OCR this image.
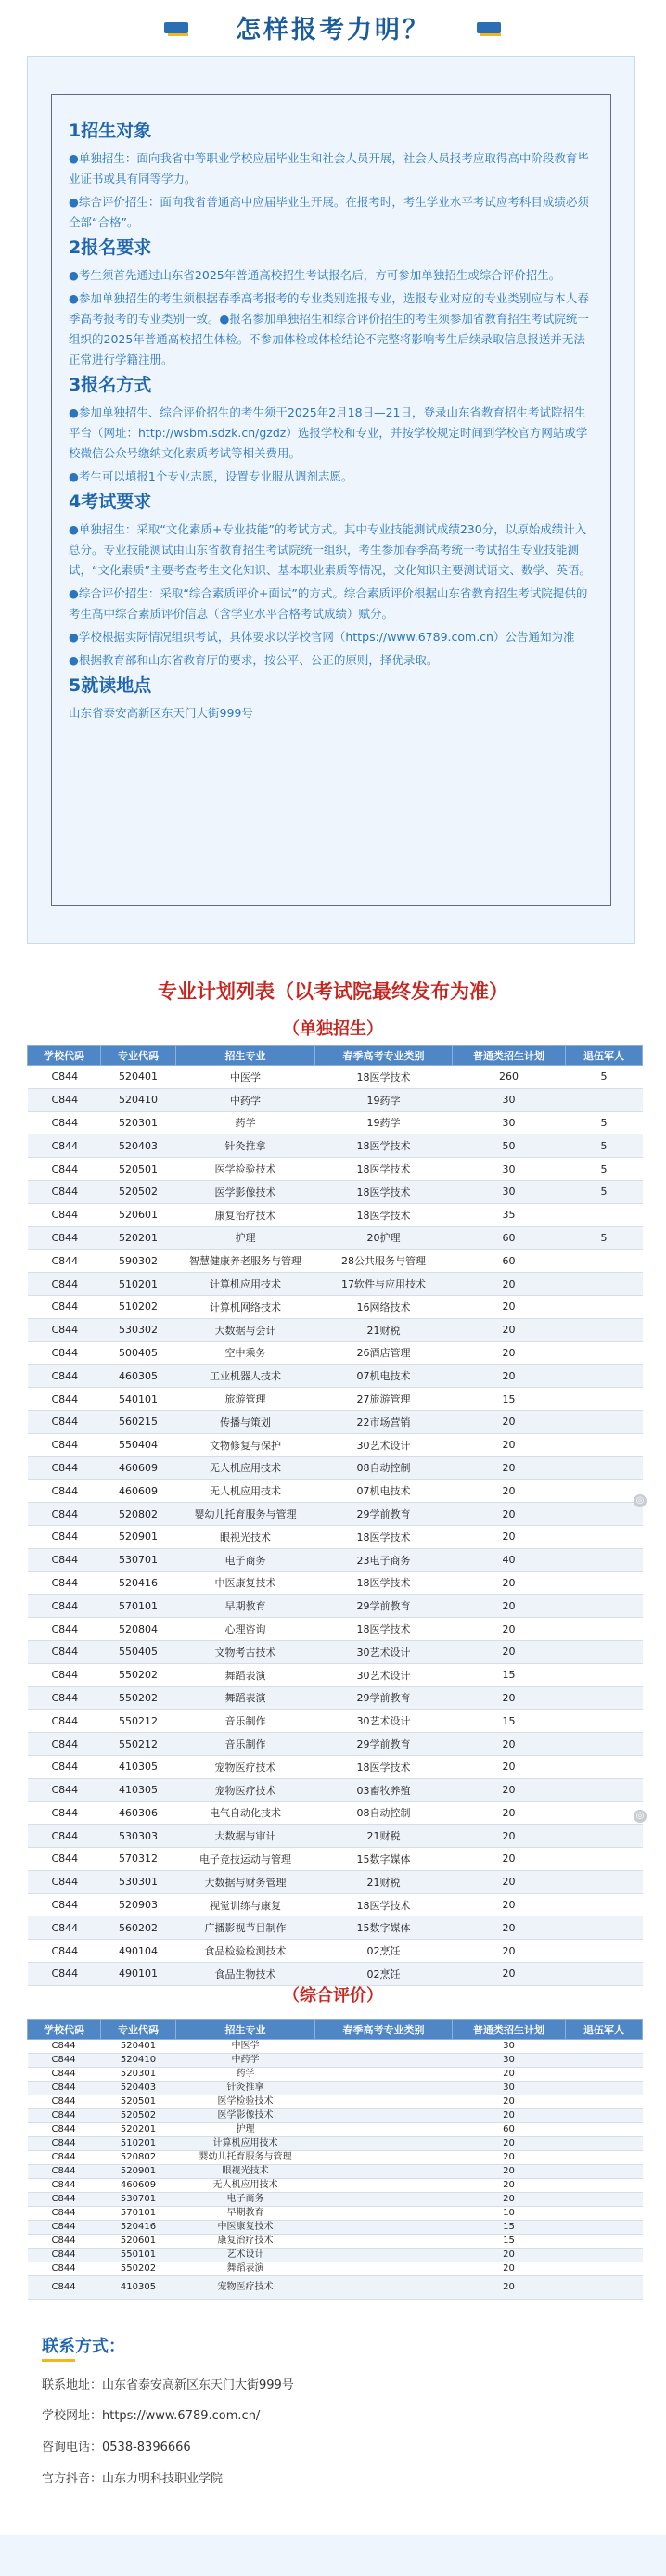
怎样报考力明？
1招生对象
●单独招生：面向我省中等职业学校应届毕业生和社会人员开展，社会人员报考应取得高中阶段教育毕业证书或具有同等学力。
●综合评价招生：面向我省普通高中应届毕业生开展。在报考时，考生学业水平考试应考科目成绩必须全部“合格”。
2报名要求
●考生须首先通过山东省2025年普通高校招生考试报名后，方可参加单独招生或综合评价招生。
●参加单独招生的考生须根据春季高考报考的专业类别选报专业，选报专业对应的专业类别应与本人春季高考报考的专业类别一致。●报名参加单独招生和综合评价招生的考生须参加省教育招生考试院统一组织的2025年普通高校招生体检。不参加体检或体检结论不完整将影响考生后续录取信息报送并无法正常进行学籍注册。
3报名方式
●参加单独招生、综合评价招生的考生须于2025年2月18日—21日，登录山东省教育招生考试院招生平台（网址：http://wsbm.sdzk.cn/gzdz）选报学校和专业，并按学校规定时间到学校官方网站或学校微信公众号缴纳文化素质考试等相关费用。
●考生可以填报1个专业志愿，设置专业服从调剂志愿。
4考试要求
●单独招生：采取“文化素质+专业技能”的考试方式。其中专业技能测试成绩230分，以原始成绩计入总分。专业技能测试由山东省教育招生考试院统一组织，考生参加春季高考统一考试招生专业技能测试，“文化素质”主要考查考生文化知识、基本职业素质等情况，文化知识主要测试语文、数学、英语。
●综合评价招生：采取“综合素质评价+面试”的方式。综合素质评价根据山东省教育招生考试院提供的考生高中综合素质评价信息（含学业水平合格考试成绩）赋分。
●学校根据实际情况组织考试，具体要求以学校官网（https://www.6789.com.cn）公告通知为准
●根据教育部和山东省教育厅的要求，按公平、公正的原则，择优录取。
5就读地点
山东省泰安高新区东天门大街999号
专业计划列表（以考试院最终发布为准）
（单独招生）
学校代码	专业代码	招生专业	春季高考专业类别	普通类招生计划	退伍军人
C844	520401	中医学	18医学技术	260	5
C844	520410	中药学	19药学	30	
C844	520301	药学	19药学	30	5
C844	520403	针灸推拿	18医学技术	50	5
C844	520501	医学检验技术	18医学技术	30	5
C844	520502	医学影像技术	18医学技术	30	5
C844	520601	康复治疗技术	18医学技术	35	
C844	520201	护理	20护理	60	5
C844	590302	智慧健康养老服务与管理	28公共服务与管理	60	
C844	510201	计算机应用技术	17软件与应用技术	20	
C844	510202	计算机网络技术	16网络技术	20	
C844	530302	大数据与会计	21财税	20	
C844	500405	空中乘务	26酒店管理	20	
C844	460305	工业机器人技术	07机电技术	20	
C844	540101	旅游管理	27旅游管理	15	
C844	560215	传播与策划	22市场营销	20	
C844	550404	文物修复与保护	30艺术设计	20	
C844	460609	无人机应用技术	08自动控制	20	
C844	460609	无人机应用技术	07机电技术	20	
C844	520802	婴幼儿托育服务与管理	29学前教育	20	
C844	520901	眼视光技术	18医学技术	20	
C844	530701	电子商务	23电子商务	40	
C844	520416	中医康复技术	18医学技术	20	
C844	570101	早期教育	29学前教育	20	
C844	520804	心理咨询	18医学技术	20	
C844	550405	文物考古技术	30艺术设计	20	
C844	550202	舞蹈表演	30艺术设计	15	
C844	550202	舞蹈表演	29学前教育	20	
C844	550212	音乐制作	30艺术设计	15	
C844	550212	音乐制作	29学前教育	20	
C844	410305	宠物医疗技术	18医学技术	20	
C844	410305	宠物医疗技术	03畜牧养殖	20	
C844	460306	电气自动化技术	08自动控制	20	
C844	530303	大数据与审计	21财税	20	
C844	570312	电子竞技运动与管理	15数字媒体	20	
C844	530301	大数据与财务管理	21财税	20	
C844	520903	视觉训练与康复	18医学技术	20	
C844	560202	广播影视节目制作	15数字媒体	20	
C844	490104	食品检验检测技术	02烹饪	20	
C844	490101	食品生物技术	02烹饪	20	
◎
◎
（综合评价）
学校代码	专业代码	招生专业	春季高考专业类别	普通类招生计划	退伍军人
C844	520401	中医学		30	
C844	520410	中药学		30	
C844	520301	药学		20	
C844	520403	针灸推拿		30	
C844	520501	医学检验技术		20	
C844	520502	医学影像技术		20	
C844	520201	护理		60	
C844	510201	计算机应用技术		20	
C844	520802	婴幼儿托育服务与管理		20	
C844	520901	眼视光技术		20	
C844	460609	无人机应用技术		20	
C844	530701	电子商务		20	
C844	570101	早期教育		10	
C844	520416	中医康复技术		15	
C844	520601	康复治疗技术		15	
C844	550101	艺术设计		20	
C844	550202	舞蹈表演		20	
C844	410305	宠物医疗技术		20	
联系方式：
联系地址：山东省泰安高新区东天门大街999号
学校网址：https://www.6789.com.cn/
咨询电话：0538-8396666
官方抖音：山东力明科技职业学院
